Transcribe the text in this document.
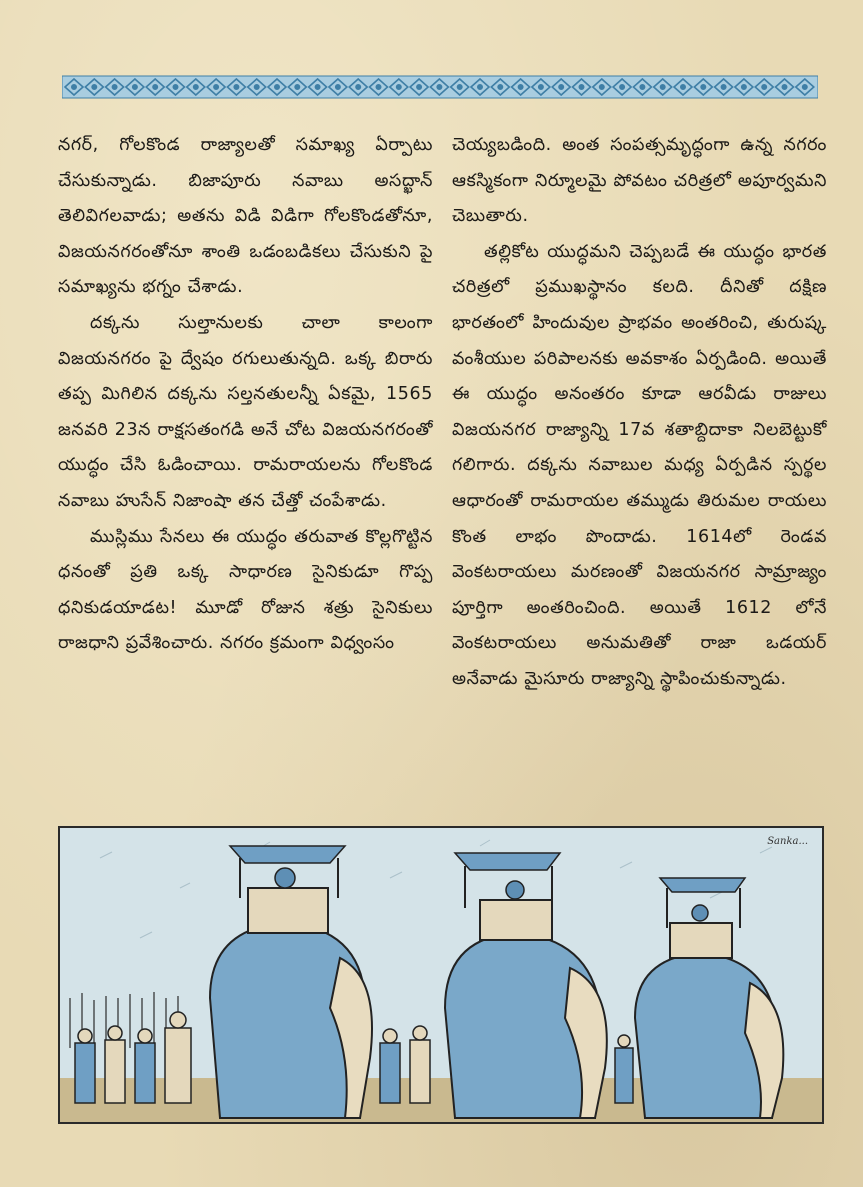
నగర్, గోలకొండ రాజ్యాలతో సమాఖ్య ఏర్పాటు చేసుకున్నాడు. బిజాపూరు నవాబు అసద్ఖాన్ తెలివిగలవాడు; అతను విడి విడిగా గోలకొండతోనూ, విజయనగరంతోనూ శాంతి ఒడంబడికలు చేసుకుని పై సమాఖ్యను భగ్నం చేశాడు.

దక్కను సుల్తానులకు చాలా కాలంగా విజయనగరం పై ద్వేషం రగులుతున్నది. ఒక్క బిరారు తప్ప మిగిలిన దక్కను సల్తనతులన్నీ ఏకమై, 1565 జనవరి 23న రాక్షసతంగడి అనే చోట విజయనగరంతో యుద్ధం చేసి ఓడించాయి. రామరాయలను గోలకొండ నవాబు హుసేన్ నిజాంషా తన చేత్తో చంపేశాడు.

ముస్లిము సేనలు ఈ యుద్ధం తరువాత కొల్లగొట్టిన ధనంతో ప్రతి ఒక్క సాధారణ సైనికుడూ గొప్ప ధనికుడయాడట! మూడో రోజున శత్రు సైనికులు రాజధాని ప్రవేశించారు. నగరం క్రమంగా విధ్వంసం

చెయ్యబడింది. అంత సంపత్సమృద్ధంగా ఉన్న నగరం ఆకస్మికంగా నిర్మూలమై పోవటం చరిత్రలో అపూర్వమని చెబుతారు.

తల్లికోట యుద్ధమని చెప్పబడే ఈ యుద్ధం భారత చరిత్రలో ప్రముఖస్థానం కలది. దీనితో దక్షిణ భారతంలో హిందువుల ప్రాభవం అంతరించి, తురుష్క వంశీయుల పరిపాలనకు అవకాశం ఏర్పడింది. అయితే ఈ యుద్ధం అనంతరం కూడా ఆరవీడు రాజులు విజయనగర రాజ్యాన్ని 17వ శతాబ్దిదాకా నిలబెట్టుకో గలిగారు. దక్కను నవాబుల మధ్య ఏర్పడిన స్పర్థల ఆధారంతో రామరాయల తమ్ముడు తిరుమల రాయలు కొంత లాభం పొందాడు. 1614లో రెండవ వెంకటరాయలు మరణంతో విజయనగర సామ్రాజ్యం పూర్తిగా అంతరించింది. అయితే 1612 లోనే వెంకటరాయలు అనుమతితో రాజా ఒడయర్ అనేవాడు మైసూరు రాజ్యాన్ని స్థాపించుకున్నాడు.

Sanka...
